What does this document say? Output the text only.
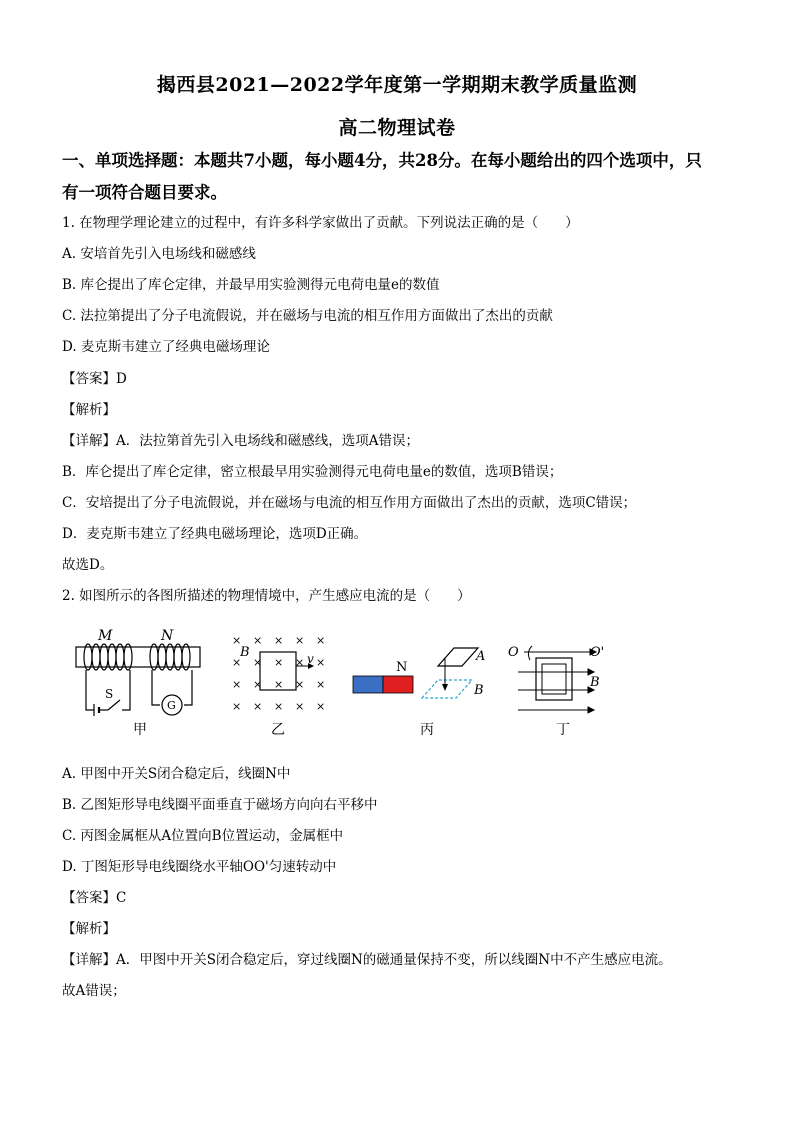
揭西县2021—2022学年度第一学期期末教学质量监测
高二物理试卷
一、单项选择题：本题共7小题，每小题4分，共28分。在每小题给出的四个选项中，只
有一项符合题目要求。
1. 在物理学理论建立的过程中，有许多科学家做出了贡献。下列说法正确的是（　　）
A. 安培首先引入电场线和磁感线
B. 库仑提出了库仑定律，并最早用实验测得元电荷电量e的数值
C. 法拉第提出了分子电流假说，并在磁场与电流的相互作用方面做出了杰出的贡献
D. 麦克斯韦建立了经典电磁场理论
【答案】D
【解析】
【详解】A．法拉第首先引入电场线和磁感线，选项A错误；
B．库仑提出了库仑定律，密立根最早用实验测得元电荷电量e的数值，选项B错误；
C．安培提出了分子电流假说，并在磁场与电流的相互作用方面做出了杰出的贡献，选项C错误；
D．麦克斯韦建立了经典电磁场理论，选项D正确。
故选D。
2. 如图所示的各图所描述的物理情境中，产生感应电流的是（　　）
M	N
S
G
甲
× × × × ×
× × × ×
× × × × ×
× × × ×
×
×
B	v
乙
N
A
B
丙
O	O'
B
丁
A. 甲图中开关S闭合稳定后，线圈N中
B. 乙图矩形导电线圈平面垂直于磁场方向向右平移中
C. 丙图金属框从A位置向B位置运动，金属框中
D. 丁图矩形导电线圈绕水平轴OO'匀速转动中
【答案】C
【解析】
【详解】A．甲图中开关S闭合稳定后，穿过线圈N的磁通量保持不变，所以线圈N中不产生感应电流。
故A错误；
